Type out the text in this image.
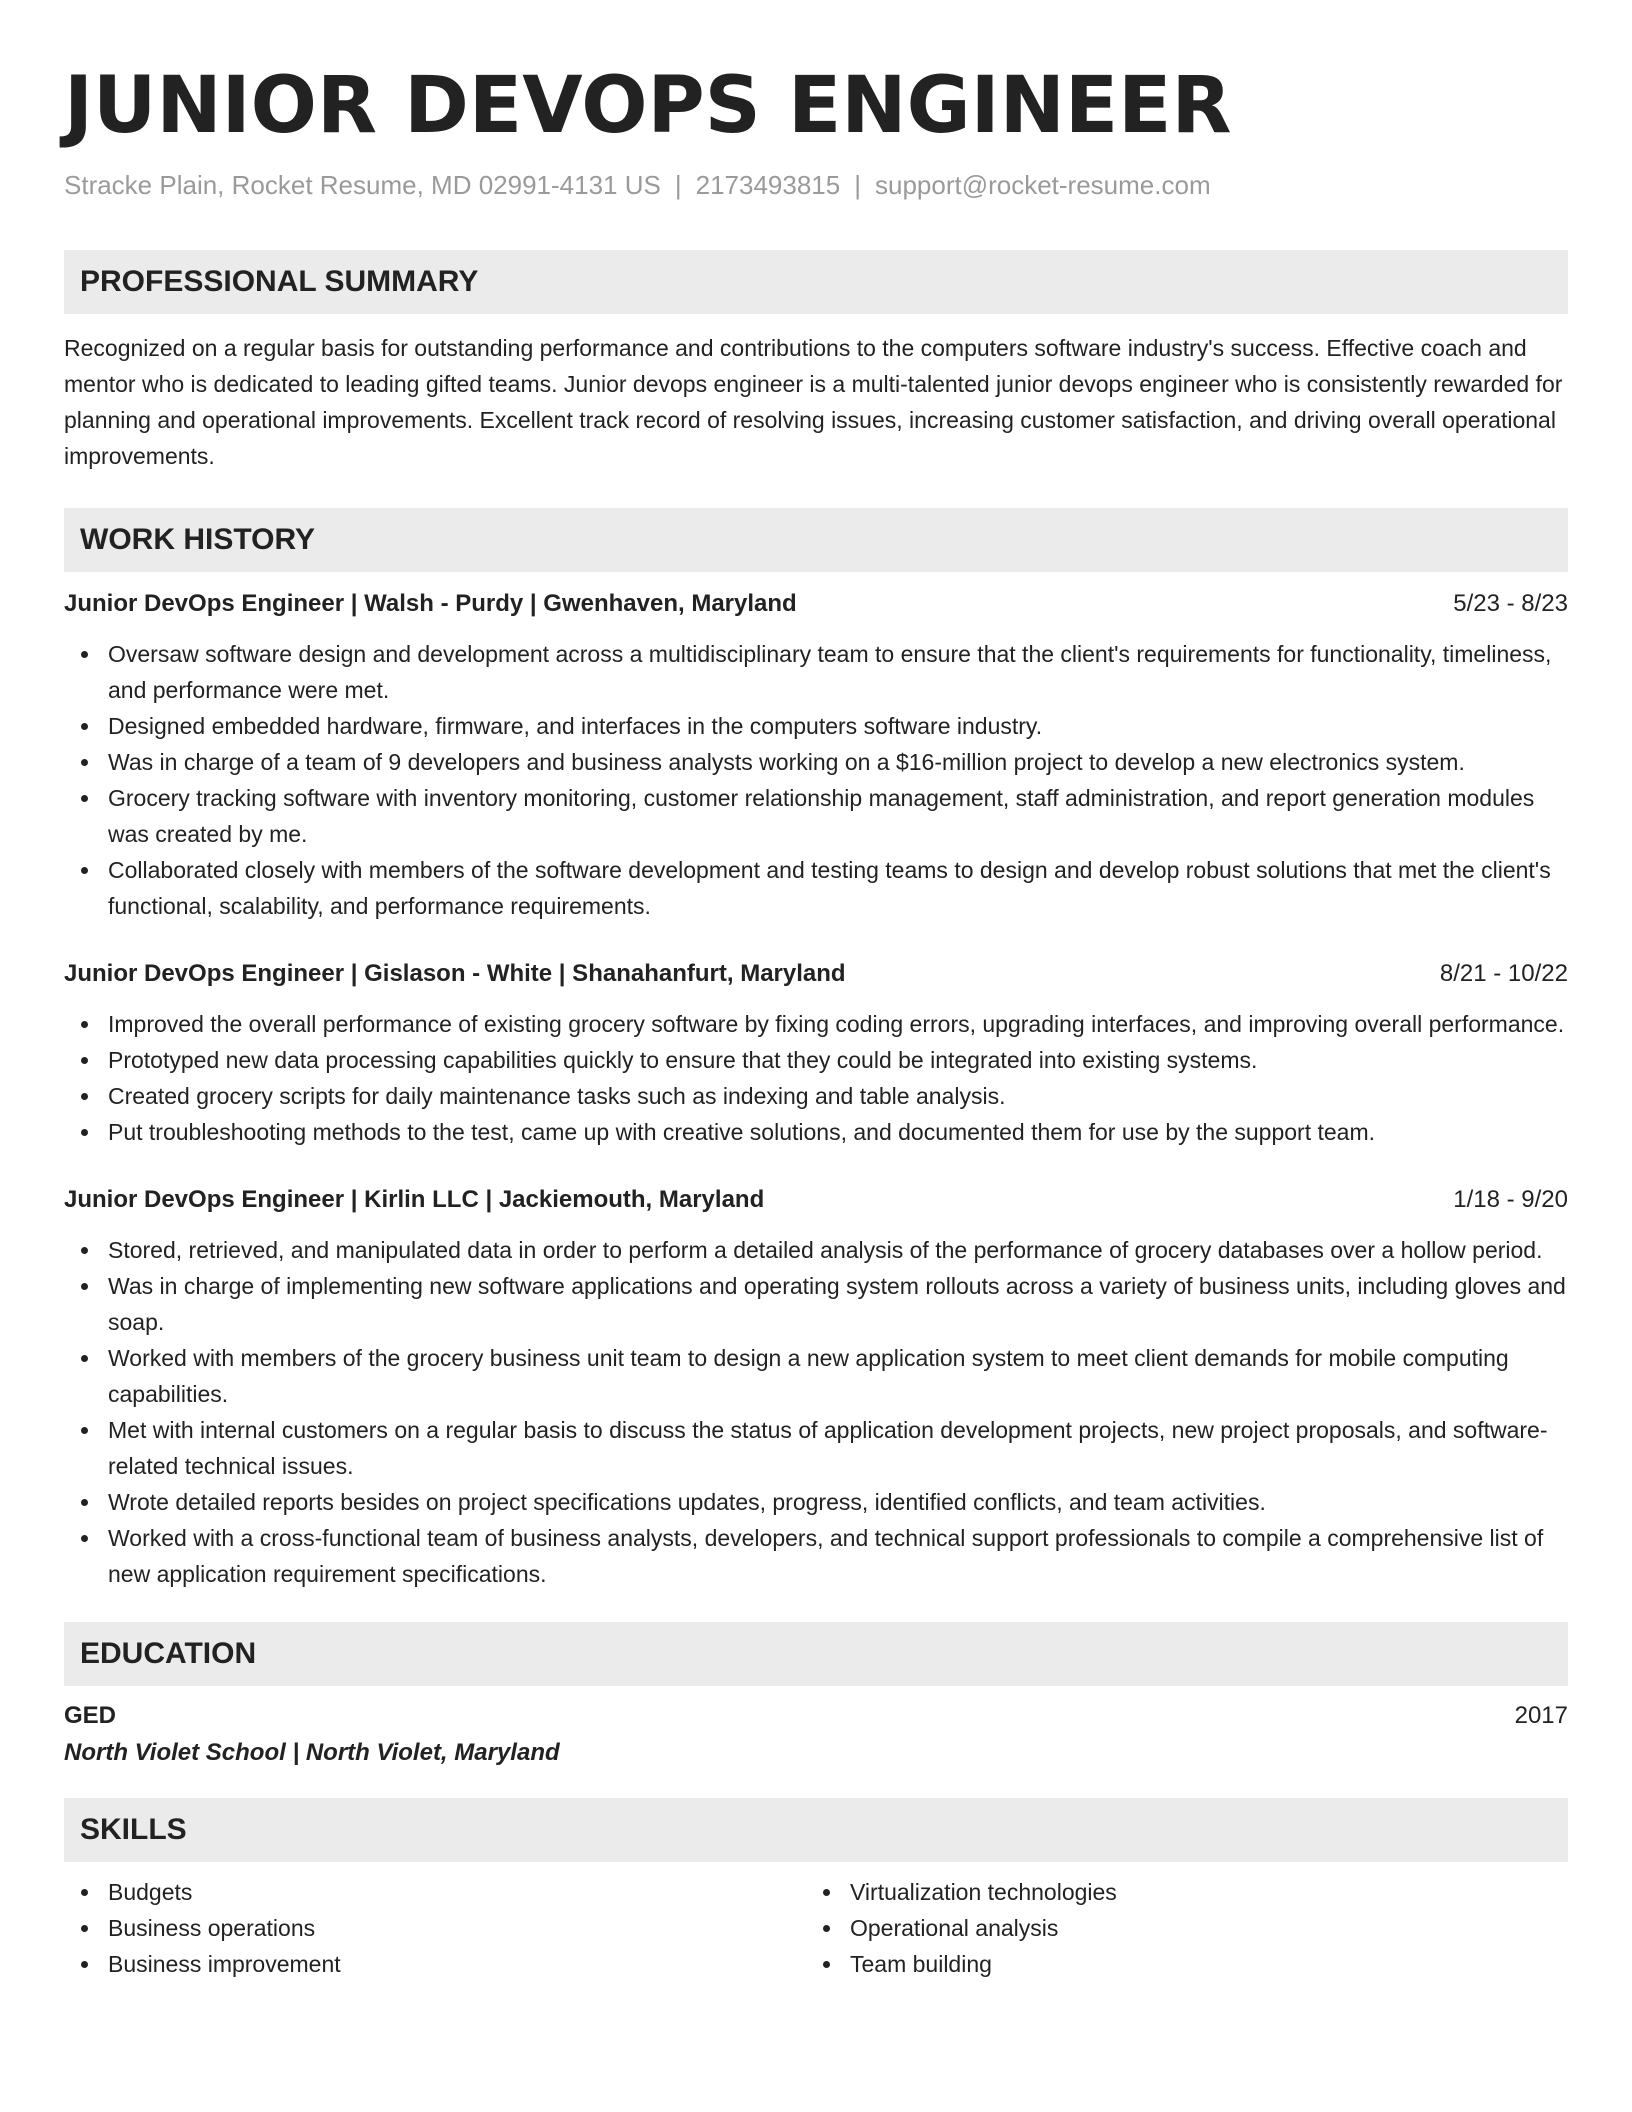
JUNIOR DEVOPS ENGINEER
Stracke Plain, Rocket Resume, MD 02991-4131 US | 2173493815 | support@rocket-resume.com
PROFESSIONAL SUMMARY
Recognized on a regular basis for outstanding performance and contributions to the computers software industry's success. Effective coach and mentor who is dedicated to leading gifted teams. Junior devops engineer is a multi-talented junior devops engineer who is consistently rewarded for planning and operational improvements. Excellent track record of resolving issues, increasing customer satisfaction, and driving overall operational improvements.
WORK HISTORY
Junior DevOps Engineer | Walsh - Purdy | Gwenhaven, Maryland	5/23 - 8/23
Oversaw software design and development across a multidisciplinary team to ensure that the client's requirements for functionality, timeliness, and performance were met.
Designed embedded hardware, firmware, and interfaces in the computers software industry.
Was in charge of a team of 9 developers and business analysts working on a $16-million project to develop a new electronics system.
Grocery tracking software with inventory monitoring, customer relationship management, staff administration, and report generation modules was created by me.
Collaborated closely with members of the software development and testing teams to design and develop robust solutions that met the client's functional, scalability, and performance requirements.
Junior DevOps Engineer | Gislason - White | Shanahanfurt, Maryland	8/21 - 10/22
Improved the overall performance of existing grocery software by fixing coding errors, upgrading interfaces, and improving overall performance.
Prototyped new data processing capabilities quickly to ensure that they could be integrated into existing systems.
Created grocery scripts for daily maintenance tasks such as indexing and table analysis.
Put troubleshooting methods to the test, came up with creative solutions, and documented them for use by the support team.
Junior DevOps Engineer | Kirlin LLC | Jackiemouth, Maryland	1/18 - 9/20
Stored, retrieved, and manipulated data in order to perform a detailed analysis of the performance of grocery databases over a hollow period.
Was in charge of implementing new software applications and operating system rollouts across a variety of business units, including gloves and soap.
Worked with members of the grocery business unit team to design a new application system to meet client demands for mobile computing capabilities.
Met with internal customers on a regular basis to discuss the status of application development projects, new project proposals, and software-related technical issues.
Wrote detailed reports besides on project specifications updates, progress, identified conflicts, and team activities.
Worked with a cross-functional team of business analysts, developers, and technical support professionals to compile a comprehensive list of new application requirement specifications.
EDUCATION
GED	2017
North Violet School | North Violet, Maryland
SKILLS
Budgets
Business operations
Business improvement
Virtualization technologies
Operational analysis
Team building
